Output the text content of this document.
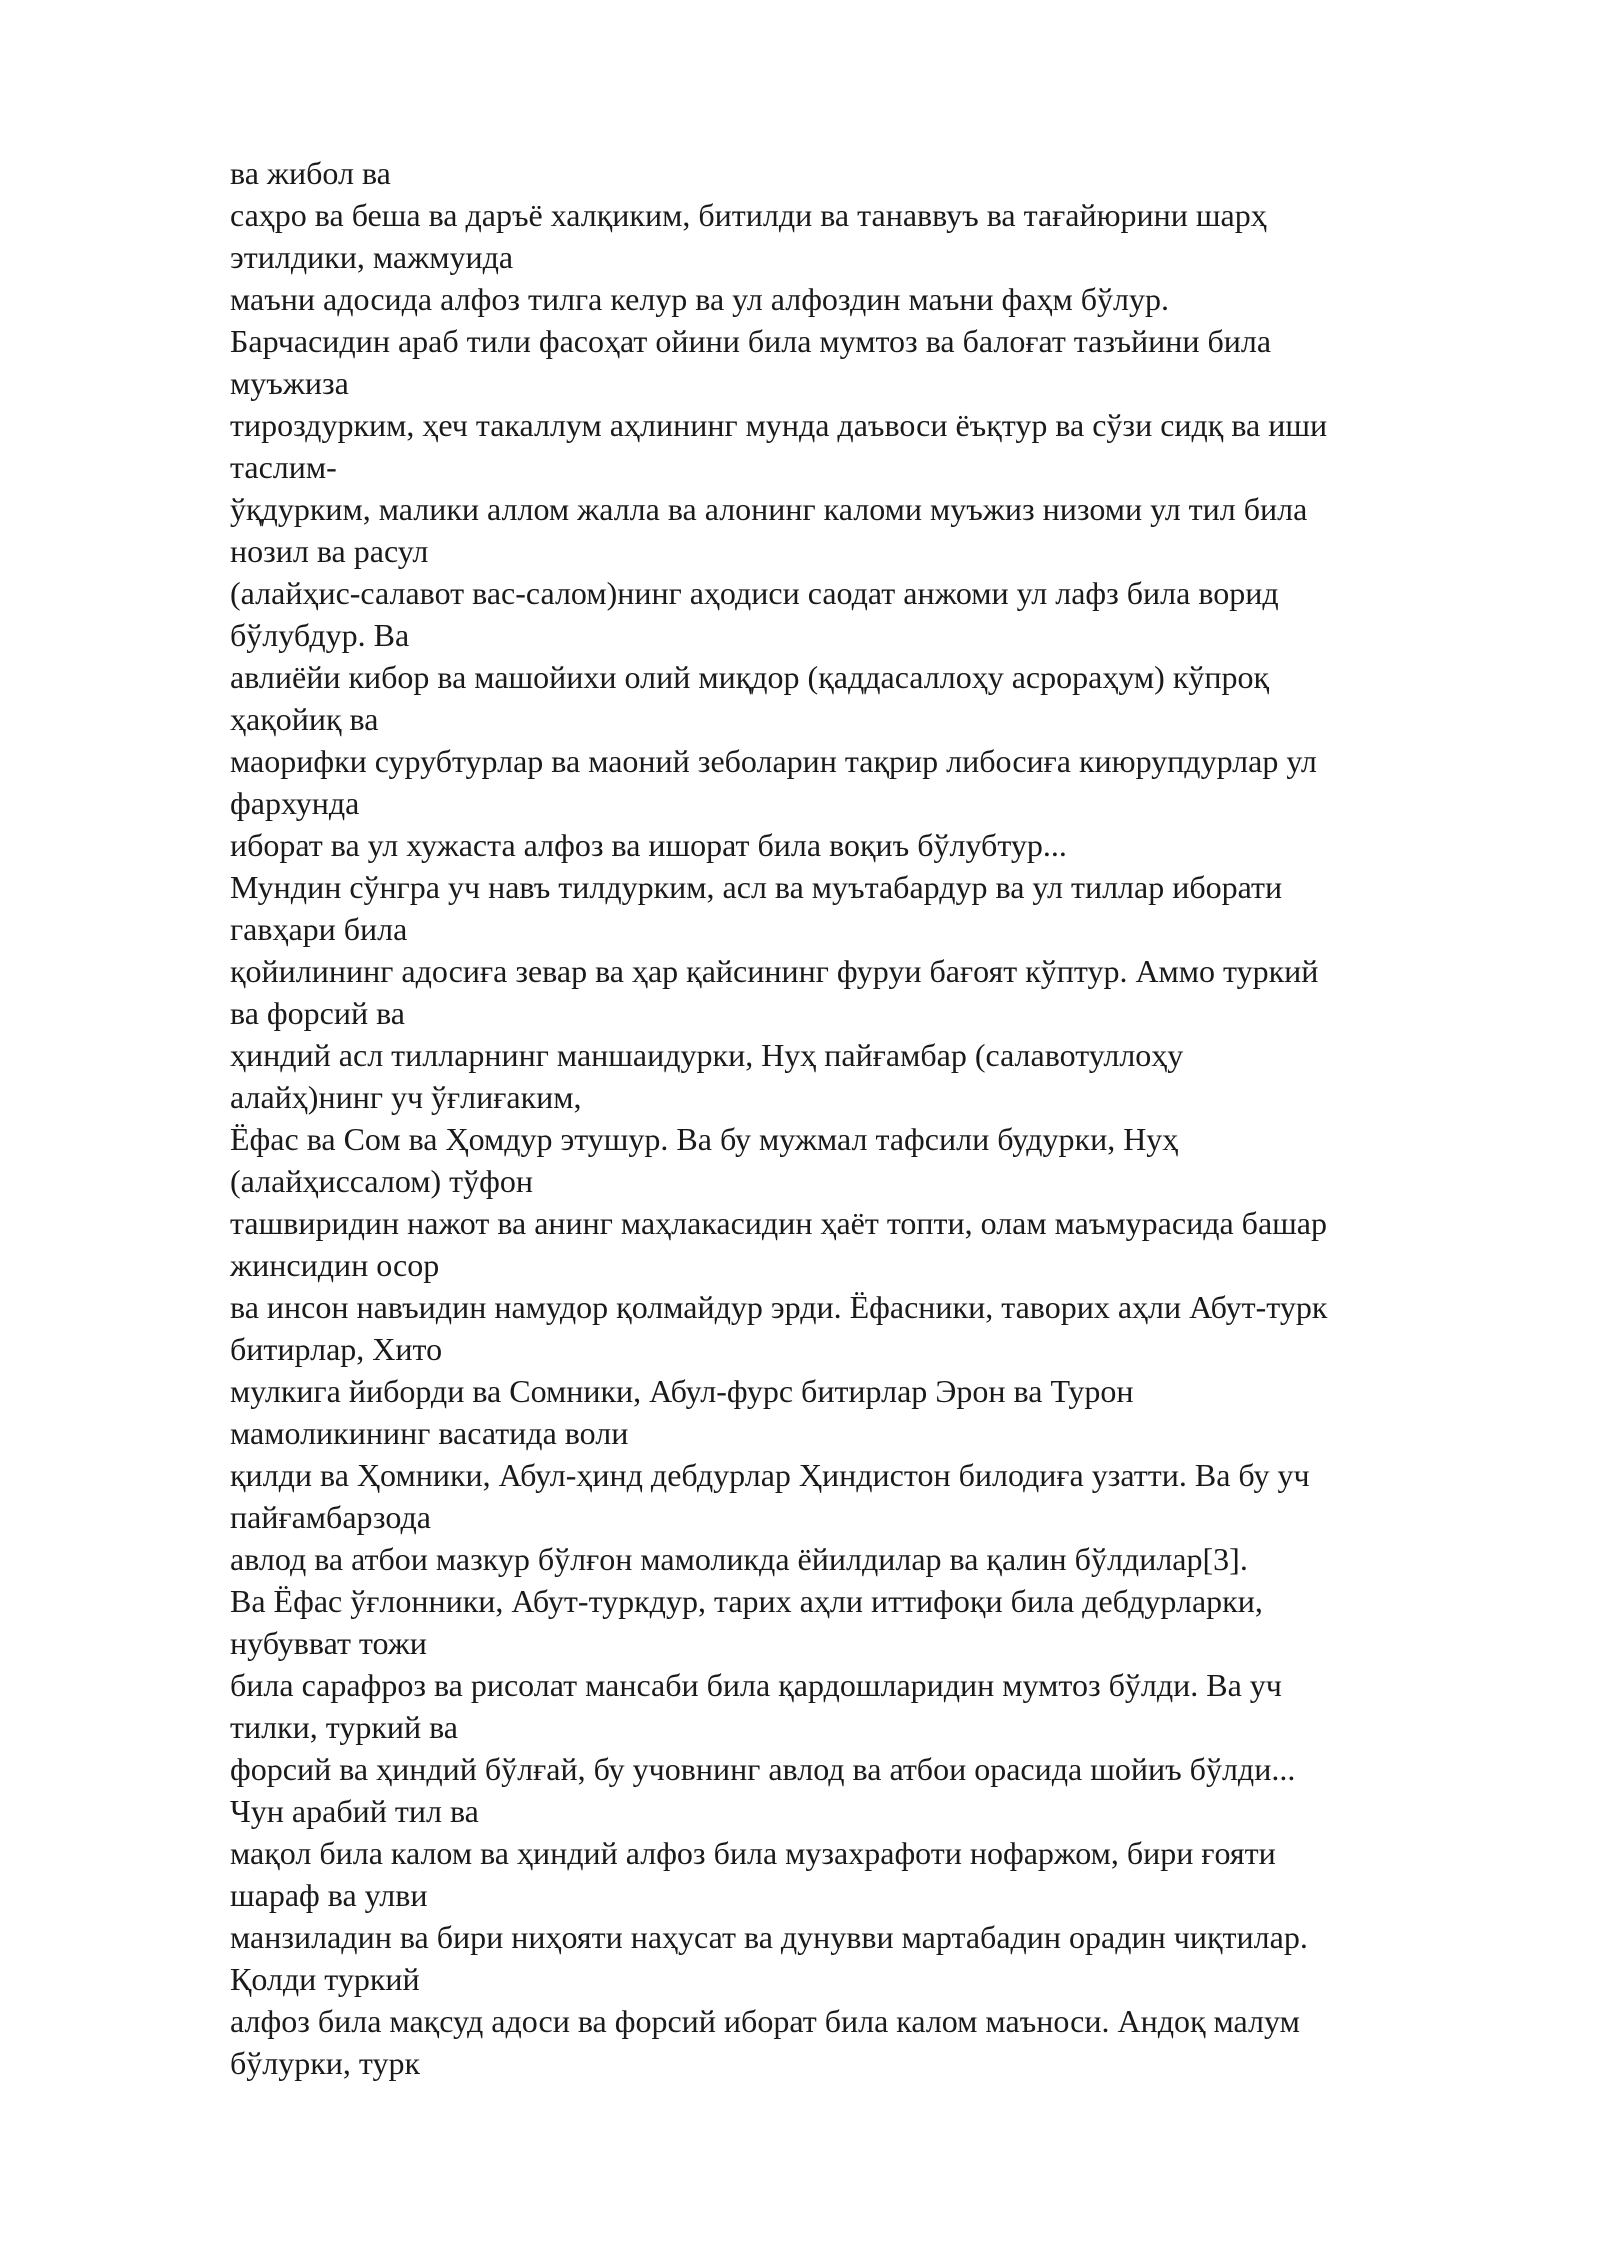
ва жибол ва
саҳро ва беша ва даръё халқиким, битилди ва танаввуъ ва тағайюрини шарҳ
этилдики, мажмуида
маъни адосида алфоз тилга келур ва ул алфоздин маъни фаҳм бўлур.
Барчасидин араб тили фасоҳат ойини била мумтоз ва балоғат тазъйини била
муъжиза
тироздурким, ҳеч такаллум аҳлининг мунда даъвоси ёъқтур ва сўзи сидқ ва иши
таслим-
ўқдурким, малики аллом жалла ва алонинг каломи муъжиз низоми ул тил била
нозил ва расул
(алайҳис-салавот вас-салом)нинг аҳодиси саодат анжоми ул лафз била ворид
бўлубдур. Ва
авлиёйи кибор ва машойихи олий миқдор (қаддасаллоҳу асрораҳум) кўпроқ
ҳақойиқ ва
маорифки сурубтурлар ва маоний зеболарин тақрир либосиға киюрупдурлар ул
фархунда
иборат ва ул хужаста алфоз ва ишорат била воқиъ бўлубтур...
Мундин сўнгра уч навъ тилдурким, асл ва муътабардур ва ул тиллар иборати
гавҳари била
қойилининг адосиға зевар ва ҳар қайсининг фуруи бағоят кўптур. Аммо туркий
ва форсий ва
ҳиндий асл тилларнинг маншаидурки, Нуҳ пайғамбар (салавотуллоҳу
алайҳ)нинг уч ўғлиғаким,
Ёфас ва Сом ва Ҳомдур этушур. Ва бу мужмал тафсили будурки, Нуҳ
(алайҳиссалом) тўфон
ташвиридин нажот ва анинг маҳлакасидин ҳаёт топти, олам маъмурасида башар
жинсидин осор
ва инсон навъидин намудор қолмайдур эрди. Ёфасники, таворих аҳли Абут-турк
битирлар, Хито
мулкига йиборди ва Сомники, Абул-фурс битирлар Эрон ва Турон
мамоликининг васатида воли
қилди ва Ҳомники, Абул-ҳинд дебдурлар Ҳиндистон билодиға узатти. Ва бу уч
пайғамбарзода
авлод ва атбои мазкур бўлғон мамоликда ёйилдилар ва қалин бўлдилар[3].
Ва Ёфас ўғлонники, Абут-туркдур, тарих аҳли иттифоқи била дебдурларки,
нубувват тожи
била сарафроз ва рисолат мансаби била қардошларидин мумтоз бўлди. Ва уч
тилки, туркий ва
форсий ва ҳиндий бўлғай, бу учовнинг авлод ва атбои орасида шойиъ бўлди...
Чун арабий тил ва
мақол била калом ва ҳиндий алфоз била музахрафоти нофаржом, бири ғояти
шараф ва улви
манзиладин ва бири ниҳояти наҳусат ва дунувви мартабадин орадин чиқтилар.
Қолди туркий
алфоз била мақсуд адоси ва форсий иборат била калом маъноси. Андоқ малум
бўлурки, турк
